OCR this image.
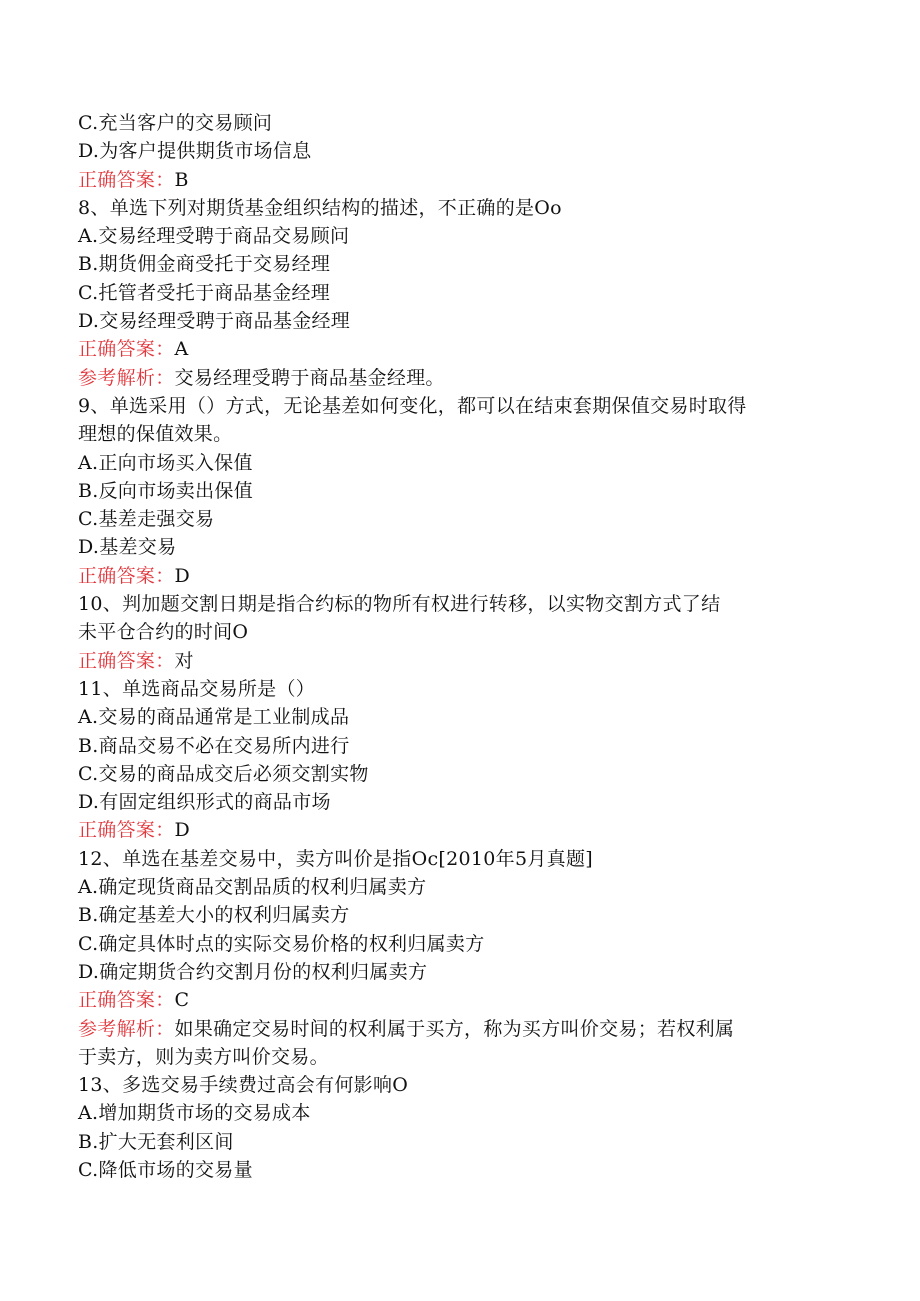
C.充当客户的交易顾问
D.为客户提供期货市场信息
正确答案：B
8、单选下列对期货基金组织结构的描述，不正确的是Oo
A.交易经理受聘于商品交易顾问
B.期货佣金商受托于交易经理
C.托管者受托于商品基金经理
D.交易经理受聘于商品基金经理
正确答案：A
参考解析：交易经理受聘于商品基金经理。
9、单选采用（）方式，无论基差如何变化，都可以在结束套期保值交易时取得
理想的保值效果。
A.正向市场买入保值
B.反向市场卖出保值
C.基差走强交易
D.基差交易
正确答案：D
10、判加题交割日期是指合约标的物所有权进行转移，以实物交割方式了结
未平仓合约的时间O
正确答案：对
11、单选商品交易所是（）
A.交易的商品通常是工业制成品
B.商品交易不必在交易所内进行
C.交易的商品成交后必须交割实物
D.有固定组织形式的商品市场
正确答案：D
12、单选在基差交易中，卖方叫价是指Oc[2010年5月真题]
A.确定现货商品交割品质的权利归属卖方
B.确定基差大小的权利归属卖方
C.确定具体时点的实际交易价格的权利归属卖方
D.确定期货合约交割月份的权利归属卖方
正确答案：C
参考解析：如果确定交易时间的权利属于买方，称为买方叫价交易；若权利属
于卖方，则为卖方叫价交易。
13、多选交易手续费过高会有何影响O
A.增加期货市场的交易成本
B.扩大无套利区间
C.降低市场的交易量
